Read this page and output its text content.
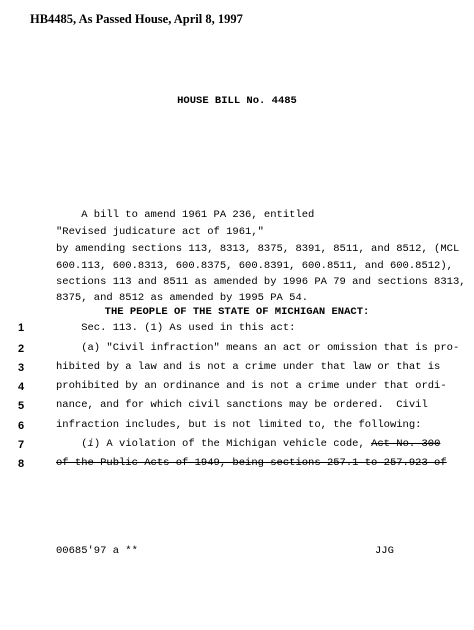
HB4485, As Passed House, April 8, 1997
HOUSE BILL No. 4485
A bill to amend 1961 PA 236, entitled
"Revised judicature act of 1961,"
by amending sections 113, 8313, 8375, 8391, 8511, and 8512, (MCL
600.113, 600.8313, 600.8375, 600.8391, 600.8511, and 600.8512),
sections 113 and 8511 as amended by 1996 PA 79 and sections 8313,
8375, and 8512 as amended by 1995 PA 54.
THE PEOPLE OF THE STATE OF MICHIGAN ENACT:
1
2
3
4
5
6
7
8
Sec. 113. (1) As used in this act:
(a) "Civil infraction" means an act or omission that is pro-
hibited by a law and is not a crime under that law or that is
prohibited by an ordinance and is not a crime under that ordi-
nance, and for which civil sanctions may be ordered.  Civil
infraction includes, but is not limited to, the following:
(i) A violation of the Michigan vehicle code, Act No. 300
of the Public Acts of 1949, being sections 257.1 to 257.923 of
00685'97 a **	JJG
